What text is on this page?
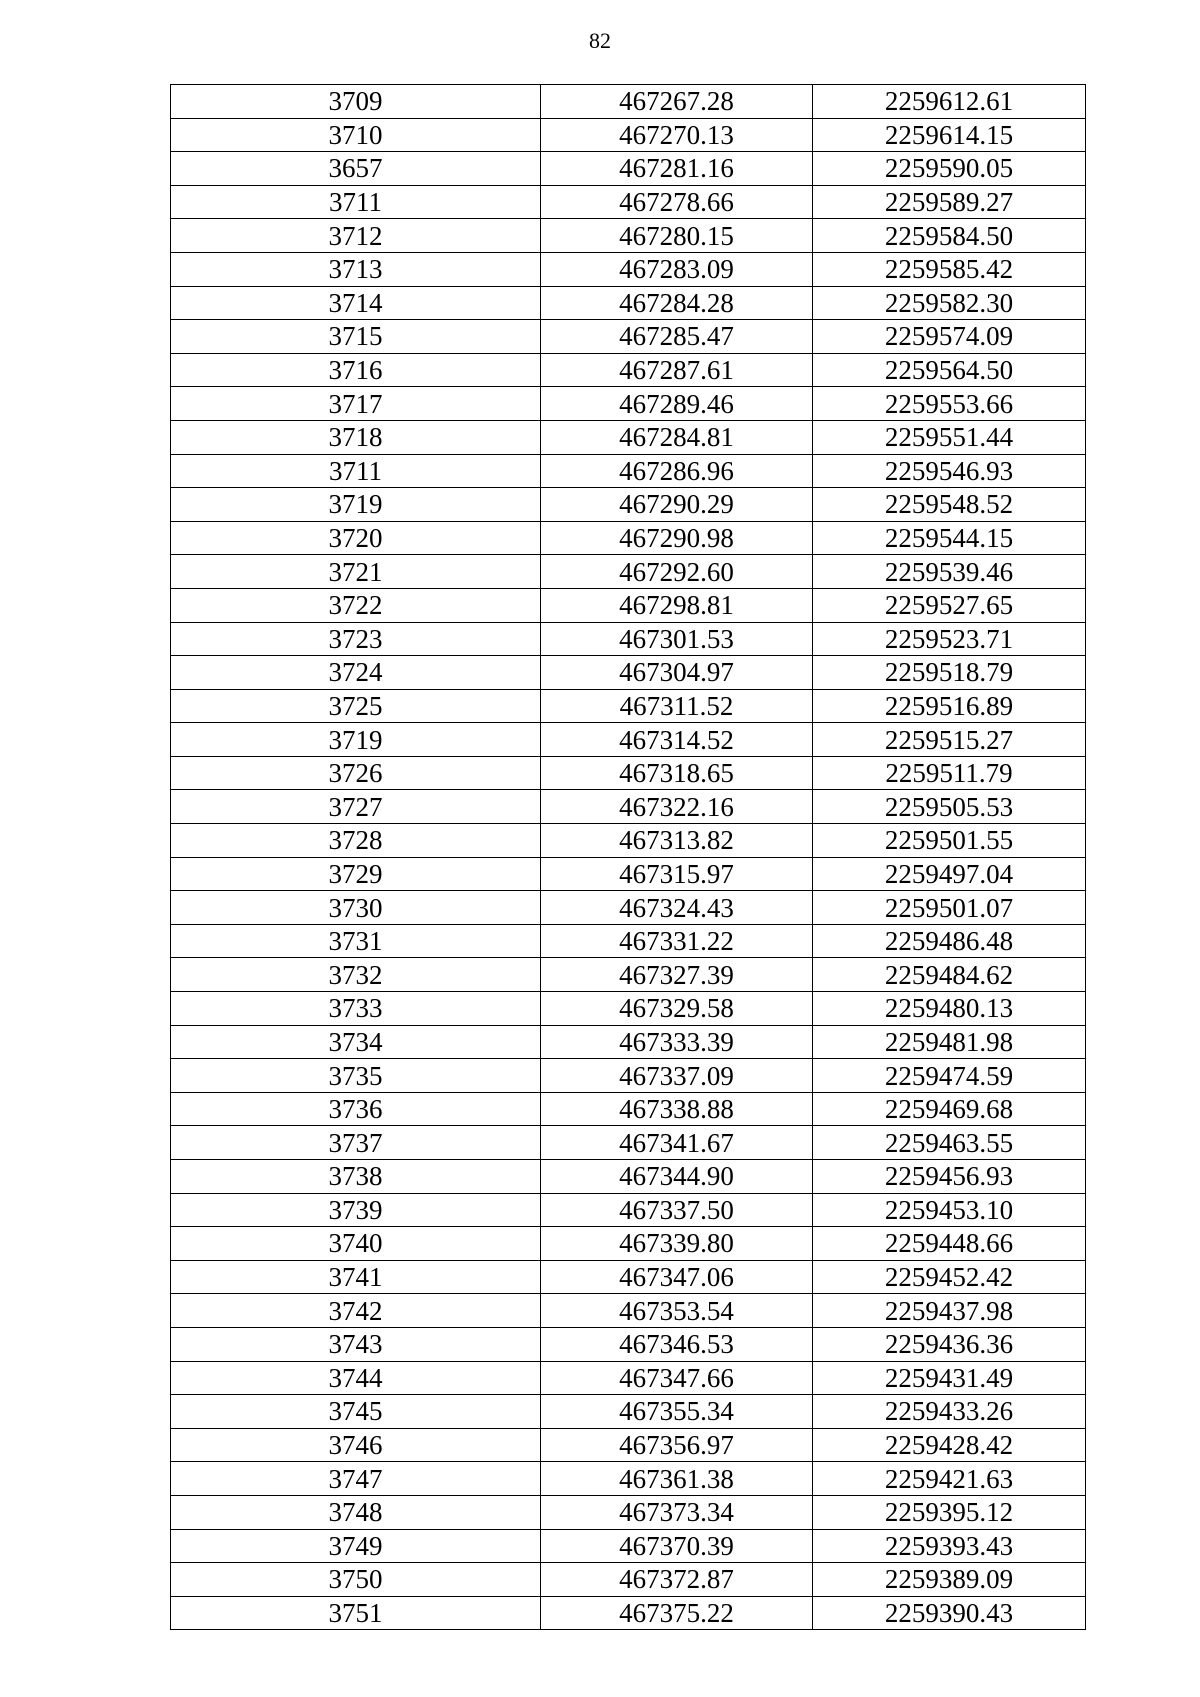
82
3709	467267.28	2259612.61
3710	467270.13	2259614.15
3657	467281.16	2259590.05
3711	467278.66	2259589.27
3712	467280.15	2259584.50
3713	467283.09	2259585.42
3714	467284.28	2259582.30
3715	467285.47	2259574.09
3716	467287.61	2259564.50
3717	467289.46	2259553.66
3718	467284.81	2259551.44
3711	467286.96	2259546.93
3719	467290.29	2259548.52
3720	467290.98	2259544.15
3721	467292.60	2259539.46
3722	467298.81	2259527.65
3723	467301.53	2259523.71
3724	467304.97	2259518.79
3725	467311.52	2259516.89
3719	467314.52	2259515.27
3726	467318.65	2259511.79
3727	467322.16	2259505.53
3728	467313.82	2259501.55
3729	467315.97	2259497.04
3730	467324.43	2259501.07
3731	467331.22	2259486.48
3732	467327.39	2259484.62
3733	467329.58	2259480.13
3734	467333.39	2259481.98
3735	467337.09	2259474.59
3736	467338.88	2259469.68
3737	467341.67	2259463.55
3738	467344.90	2259456.93
3739	467337.50	2259453.10
3740	467339.80	2259448.66
3741	467347.06	2259452.42
3742	467353.54	2259437.98
3743	467346.53	2259436.36
3744	467347.66	2259431.49
3745	467355.34	2259433.26
3746	467356.97	2259428.42
3747	467361.38	2259421.63
3748	467373.34	2259395.12
3749	467370.39	2259393.43
3750	467372.87	2259389.09
3751	467375.22	2259390.43
